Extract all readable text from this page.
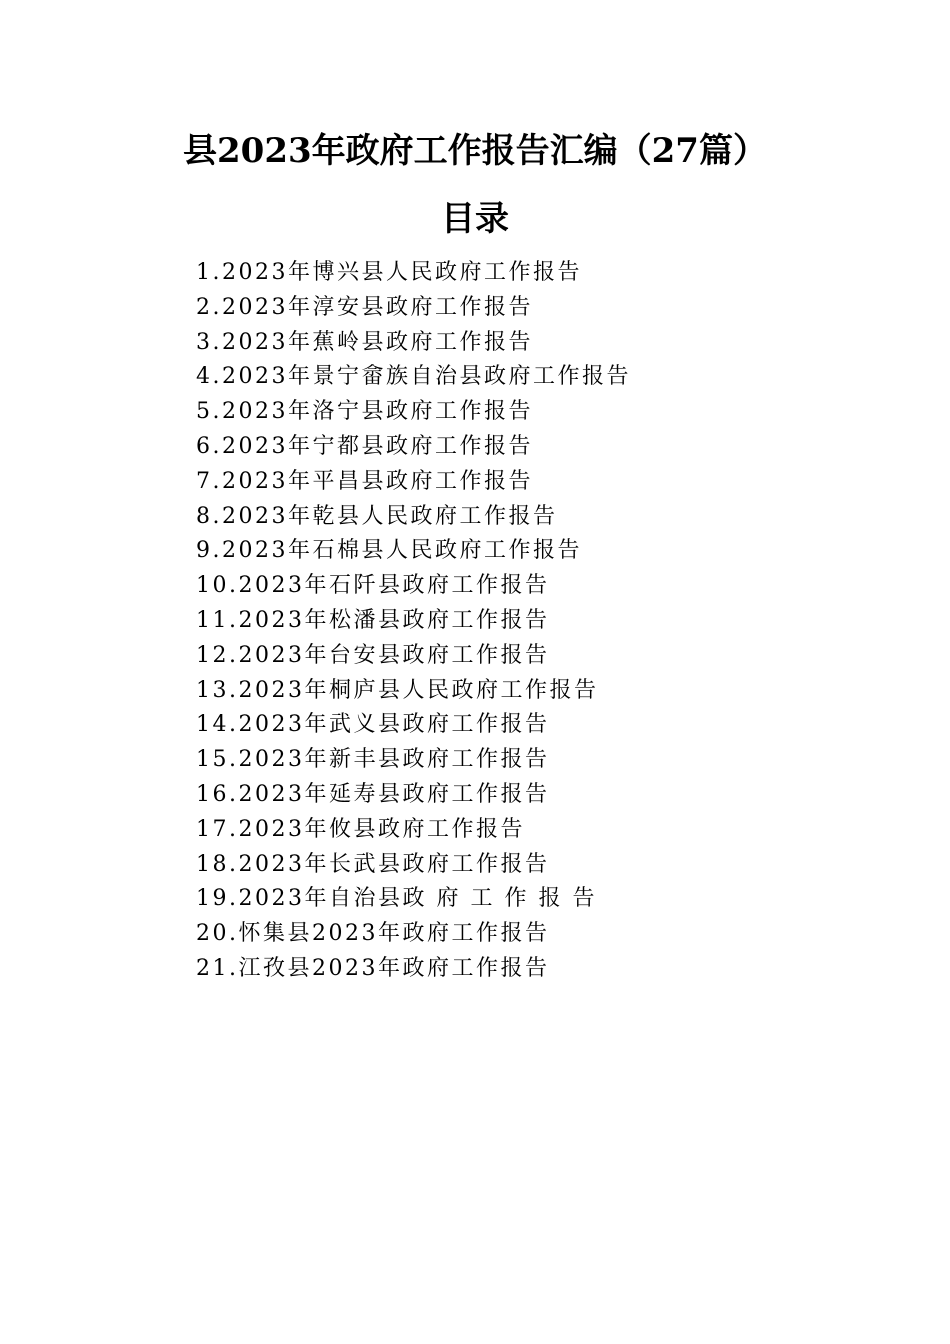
县2023年政府工作报告汇编（27篇）
目录
1.2023年博兴县人民政府工作报告
2.2023年淳安县政府工作报告
3.2023年蕉岭县政府工作报告
4.2023年景宁畲族自治县政府工作报告
5.2023年洛宁县政府工作报告
6.2023年宁都县政府工作报告
7.2023年平昌县政府工作报告
8.2023年乾县人民政府工作报告
9.2023年石棉县人民政府工作报告
10.2023年石阡县政府工作报告
11.2023年松潘县政府工作报告
12.2023年台安县政府工作报告
13.2023年桐庐县人民政府工作报告
14.2023年武义县政府工作报告
15.2023年新丰县政府工作报告
16.2023年延寿县政府工作报告
17.2023年攸县政府工作报告
18.2023年长武县政府工作报告
19.2023年自治县政 府 工 作 报 告
20.怀集县2023年政府工作报告
21.江孜县2023年政府工作报告
